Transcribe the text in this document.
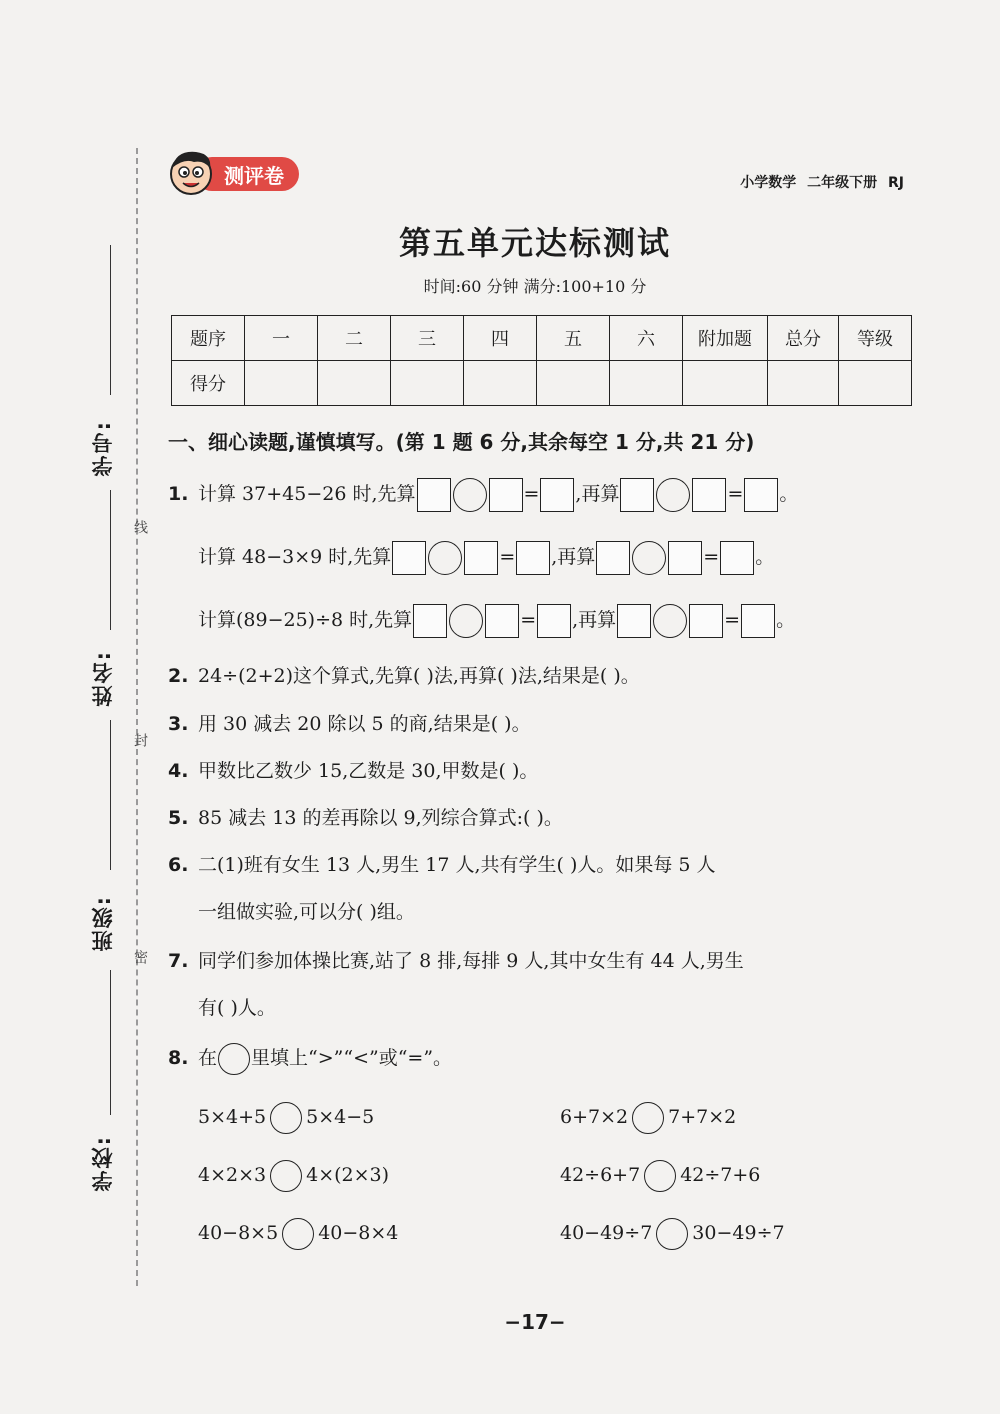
学号:
姓名:
班级:
学校:
线
封
密
测评卷	小学数学 二年级下册 RJ
第五单元达标测试
时间:60 分钟 满分:100+10 分
题序	一	二	三	四	五	六	附加题	总分	等级
得分									
一、细心读题,谨慎填写。(第 1 题 6 分,其余每空 1 分,共 21 分)
1. 计算 37+45−26 时,先算	= ,再算	= 。
计算 48−3×9 时,先算	= ,再算	= 。
计算(89−25)÷8 时,先算	= ,再算	= 。
2. 24÷(2+2)这个算式,先算( )法,再算( )法,结果是( )。
3. 用 30 减去 20 除以 5 的商,结果是( )。
4. 甲数比乙数少 15,乙数是 30,甲数是( )。
5. 85 减去 13 的差再除以 9,列综合算式:( )。
6. 二(1)班有女生 13 人,男生 17 人,共有学生( )人。如果每 5 人
一组做实验,可以分( )组。
7. 同学们参加体操比赛,站了 8 排,每排 9 人,其中女生有 44 人,男生
有( )人。
8. 在 里填上“>”“<”或“=”。
5×4+5 5×4−5	6+7×2 7+7×2
4×2×3 4×(2×3)	42÷6+7 42÷7+6
40−8×5 40−8×4	40−49÷7 30−49÷7
−17−
